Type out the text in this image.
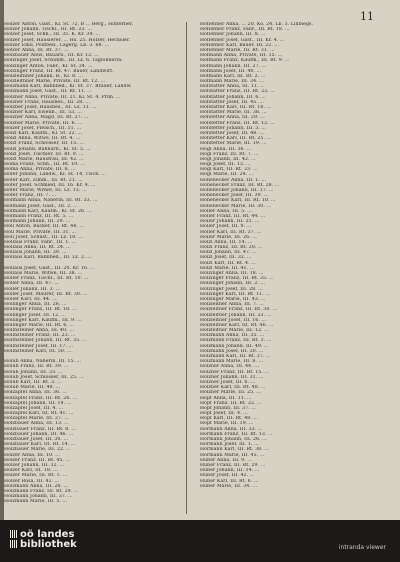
11
Holzer Anton, Gast., Kl. St. 72. B ... Berg., Hinterber.
Holzer Johann, Tischl., III. Rt. 23. ...
Holzer Josef, Schn., III. 35. K. Kr. 34. ...
Holzer Josef, Hausierer, ... Hs. 25. Holzer, Hechsler.
Holzer Emil, Postbed., Lagerg. Lb. 3. 68. ...
Holzer Anna, III. Rt. 37. ...
Holzhauer Alois, Bauarb., III. Kr. 12. ...
Holzinger Josef, Schuhm., III. Lz. 6. Taglohnerin.
Holzinger Anton, Fabr., Kl. St. 34. ...
Holzinger Franz, III. Rt. 47. Bauer, Landwirt.
Holzleithner Johann, B., Kl. 8. ...
Holzleithner Marie, Private, III. Rt. 12. ...
Holzmann Karl, Bahnbed., Kl. St. 37. Brauer, Landw.
Holzmann Josef, Gast., III. Rt. 11. ...
Holzner Anna, Private, III. 21. Kl. St. 4. Prim. ...
Holzner Franz, Hausbes., III. 28. ...
Holzner Josef, Hausbes., III. Lz. 11. ...
Holzner Karl, Eisenb., III. 53. ...
Holzner Anna, Magd, III. Rt. 27. ...
Holzner Marie, Private, III. 6. ...
Holzer Josef, Fleisch., III. 51. ...
Hölzl Karl, Kaufm., Kl. St. 22. ...
Hölzl Anna, Witwe, III. Rt. 4. ...
Hölzl Franz, Schlosser, III. 15. ...
Hölzl Johann, Bahnarb., Kl. St. 5. ...
Hölzl Josef, Tischler, III. Rt. 9. ...
Hölzl Marie, Hausfrau, III. 42. ...
Homa Franz, Schn., III. Rt. 19. ...
Homa Anna, Private, III. 8. ...
Hofer Johann, Landw., Kl. St. 14. Tisch. ...
Hofer Karl, Zimm., III. Rt. 21. ...
Hofer Josef, Schmied, III. 16. Kr. 4. ...
Hofer Marie, Witwe, III. Lz. 13. ...
Hofer Franz, III. 7. ...
Hofmann Anna, Näherin, III. Rt. 33. ...
Hofmann Josef, Gast., III. 2. ...
Hofmann Karl, Kaufm., Kl. St. 26. ...
Hofmann Franz, III. Rt. 5. ...
Hofmann Johann, III. 29. ...
Holl Anton, Bäcker, III. Rt. 44. ...
Holl Marie, Private, III. 31. ...
Holl Josef, Schust., III. Lz. 18. ...
Hollaus Franz, Fabr., III. 1. ...
Hollaus Anna, III. Rt. 24. ...
Hollaus Johann, III. 39. ...
Hollaus Karl, Bahnbed., III. Lz. 2. ...
Hollaus Josef, Gast., III. 20. Kr. 16. ...
Hollaus Marie, Witwe, III. 38. ...
Holler Franz, Tischl., III. Rt. 10. ...
Holler Anna, III. 47. ...
Holler Johann, III. 3. ...
Holler Josef, Maurer, III. Rt. 30. ...
Holler Karl, III. 44. ...
Hollinger Anna, III. 26. ...
Hollinger Franz, III. Rt. 18. ...
Hollinger Josef, III. 12. ...
Hollinger Karl, Kaufm., III. 9. ...
Hollinger Marie, III. Rt. 6. ...
Hollnsteiner Anna, III. 40. ...
Hollnsteiner Franz, III. 23. ...
Hollnsteiner Johann, III. Rt. 35. ...
Hollnsteiner Josef, III. 17. ...
Hollnsteiner Karl, III. 50. ...
Holub Anna, Näherin, III. 15. ...
Holub Franz, III. Rt. 39. ...
Holub Johann, III. 33. ...
Holub Josef, Schlosser, III. 25. ...
Holub Karl, III. Rt. 3. ...
Holub Marie, III. 49. ...
Holzapfel Anna, III. 36. ...
Holzapfel Franz, III. Rt. 26. ...
Holzapfel Johann, III. 19. ...
Holzapfel Josef, III. 4. ...
Holzapfel Karl, III. Rt. 41. ...
Holzapfel Marie, III. 27. ...
Holzbauer Anna, III. 13. ...
Holzbauer Franz, III. Rt. 8. ...
Holzbauer Johann, III. 46. ...
Holzbauer Josef, III. 30. ...
Holzbauer Karl, III. Rt. 14. ...
Holzbauer Marie, III. 22. ...
Holzer Anna, III. 10. ...
Holzer Franz, III. Rt. 45. ...
Holzer Johann, III. 32. ...
Holzer Karl, III. 18. ...
Holzer Marie, III. Rt. 1. ...
Holzer Rosa, III. 43. ...
Holzmann Anna, III. 28. ...
Holzmann Franz, III. Rt. 29. ...
Holzmann Johann, III. 37. ...
Holzmann Marie, III. 5. ...
Hoflehner Anna, ... 20. Ko. 24. Lb. 3. Linbiegs.
Hoflehner Franz, Fabr., III. Rt. 18. ...
Hoflehner Johann, III. 8. ...
Hoflehner Josef, Gast., III. Kr. 4. ...
Hoflehner Karl, Bauer, III. 22. ...
Hoflehner Marie, III. Rt. 31. ...
Hofmann Anna, Private, III. 15. ...
Hofmann Franz, Kaufm., III. Rt. 9. ...
Hofmann Johann, III. 27. ...
Hofmann Josef, III. 40. ...
Hofmann Karl, III. Rt. 2. ...
Hofmann Marie, III. 34. ...
Hofstätter Anna, III. 11. ...
Hofstätter Franz, III. Rt. 23. ...
Hofstätter Johann, III. 6. ...
Hofstätter Josef, III. 45. ...
Hofstätter Karl, III. Rt. 16. ...
Hofstätter Marie, III. 38. ...
Hofstetter Anna, III. 29. ...
Hofstetter Franz, III. Rt. 12. ...
Hofstetter Johann, III. 3. ...
Hofstetter Josef, III. 48. ...
Hofstetter Karl, III. Rt. 25. ...
Hofstetter Marie, III. 19. ...
Högl Anna, III. 36. ...
Högl Franz, III. Rt. 7. ...
Högl Johann, III. 42. ...
Högl Josef, III. 13. ...
Högl Karl, III. Rt. 33. ...
Högl Marie, III. 24. ...
Hohenecker Anna, III. 1. ...
Hohenecker Franz, III. Rt. 28. ...
Hohenecker Johann, III. 17. ...
Hohenecker Josef, III. 39. ...
Hohenecker Karl, III. Rt. 10. ...
Hohenecker Marie, III. 30. ...
Höller Anna, III. 5. ...
Höller Franz, III. Rt. 44. ...
Höller Johann, III. 21. ...
Höller Josef, III. 9. ...
Höller Karl, III. Rt. 37. ...
Höller Marie, III. 26. ...
Hölzl Anna, III. 14. ...
Hölzl Franz, III. Rt. 20. ...
Hölzl Johann, III. 47. ...
Hölzl Josef, III. 32. ...
Hölzl Karl, III. Rt. 4. ...
Hölzl Marie, III. 41. ...
Holzinger Anna, III. 18. ...
Holzinger Franz, III. Rt. 35. ...
Holzinger Johann, III. 2. ...
Holzinger Josef, III. 28. ...
Holzinger Karl, III. Rt. 11. ...
Holzinger Marie, III. 43. ...
Holzleitner Anna, III. 7. ...
Holzleitner Franz, III. Rt. 30. ...
Holzleitner Johann, III. 23. ...
Holzleitner Josef, III. 16. ...
Holzleitner Karl, III. Rt. 46. ...
Holzleitner Marie, III. 12. ...
Holzmann Anna, III. 35. ...
Holzmann Franz, III. Rt. 3. ...
Holzmann Johann, III. 49. ...
Holzmann Josef, III. 20. ...
Holzmann Karl, III. Rt. 27. ...
Holzmann Marie, III. 8. ...
Holzner Anna, III. 44. ...
Holzner Franz, III. Rt. 15. ...
Holzner Johann, III. 31. ...
Holzner Josef, III. 6. ...
Holzner Karl, III. Rt. 40. ...
Holzner Marie, III. 25. ...
Hopf Anna, III. 11. ...
Hopf Franz, III. Rt. 22. ...
Hopf Johann, III. 37. ...
Hopf Josef, III. 4. ...
Hopf Karl, III. Rt. 48. ...
Hopf Marie, III. 19. ...
Hörmann Anna, III. 33. ...
Hörmann Franz, III. Rt. 13. ...
Hörmann Johann, III. 26. ...
Hörmann Josef, III. 1. ...
Hörmann Karl, III. Rt. 38. ...
Hörmann Marie, III. 45. ...
Huber Anna, III. 9. ...
Huber Franz, III. Rt. 29. ...
Huber Johann, III. 14. ...
Huber Josef, III. 42. ...
Huber Karl, III. Rt. 6. ...
Huber Marie, III. 34. ...
oö landes
bibliothek	intranda viewer
